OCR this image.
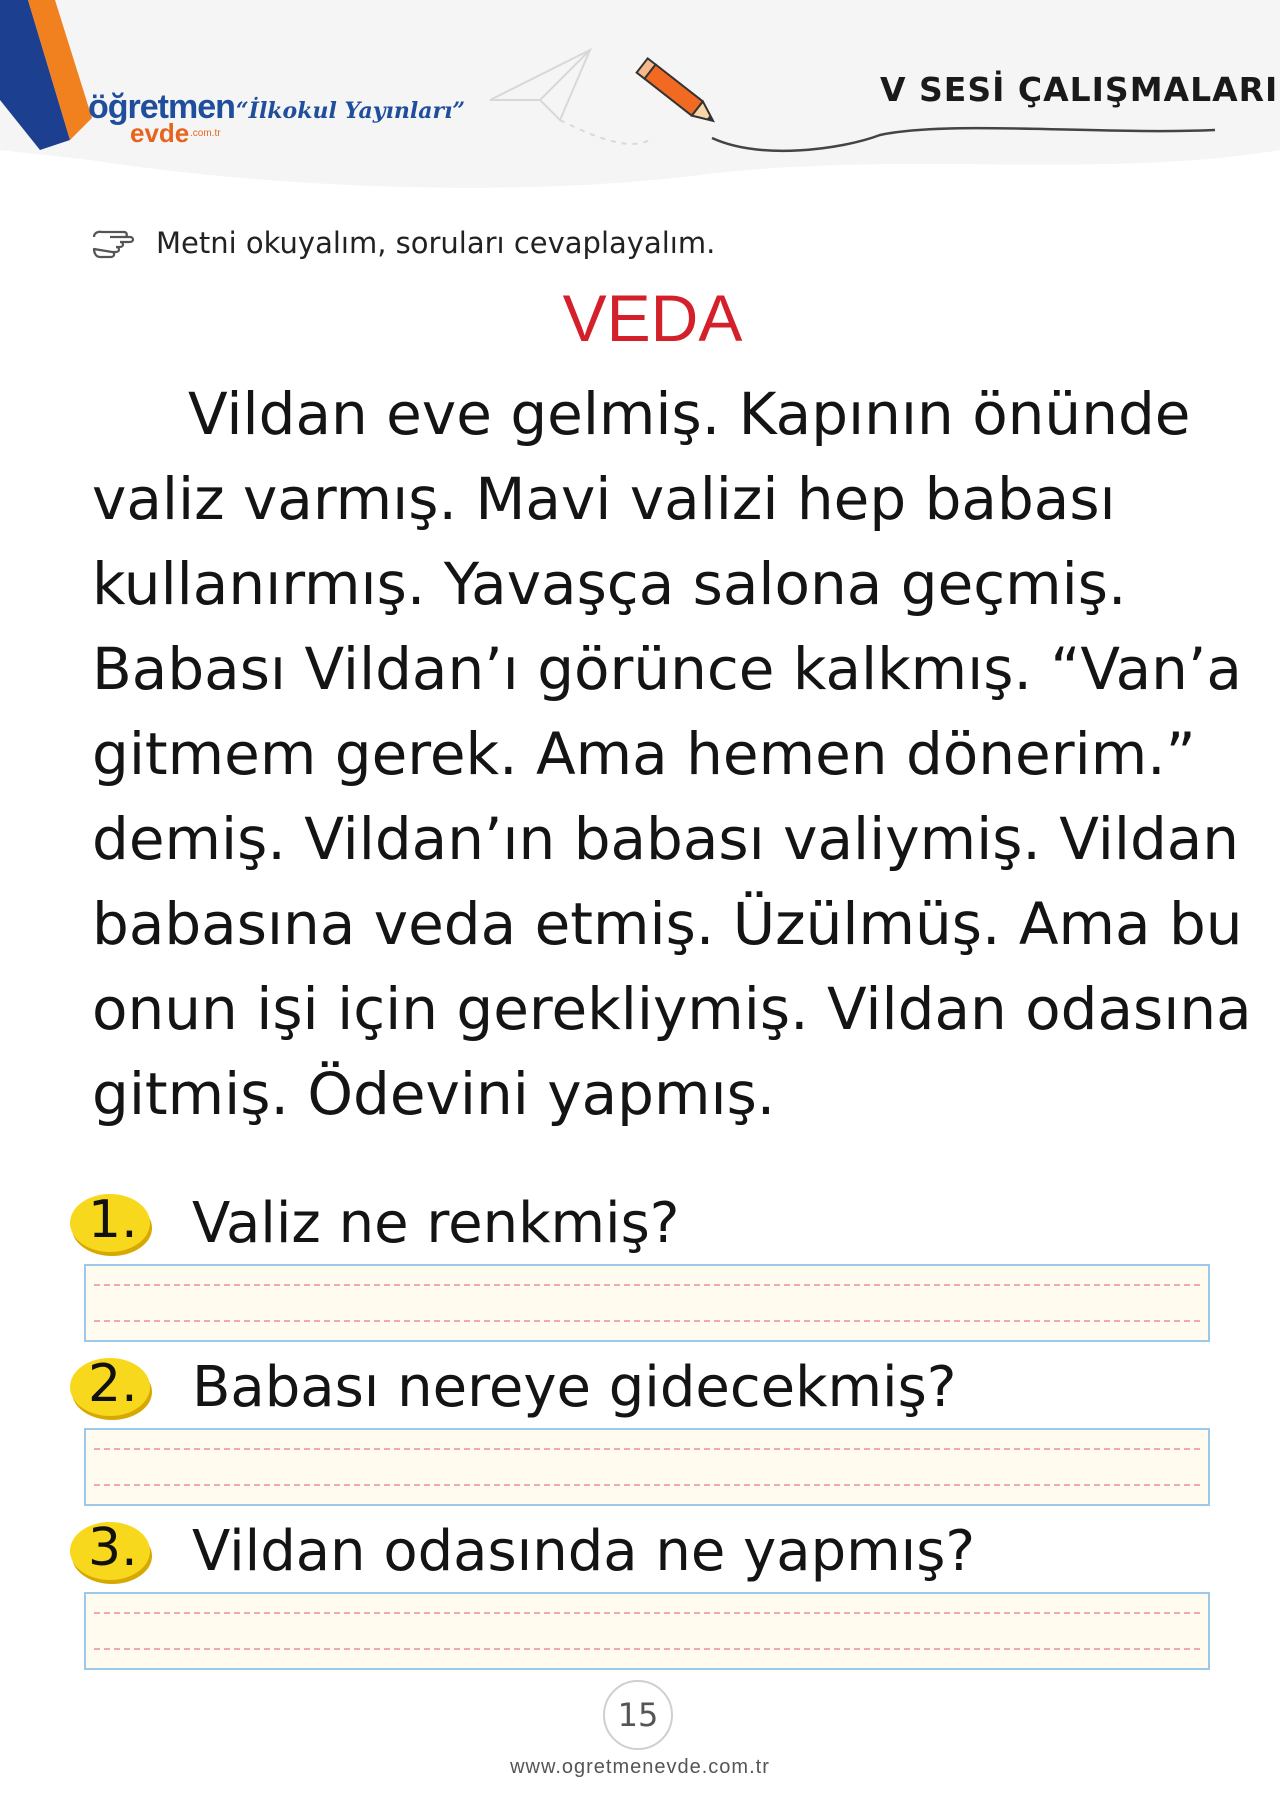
öğretmen
evde .com.tr
“İlkokul Yayınları”
V SESİ ÇALIŞMALARI
Metni okuyalım, soruları cevaplayalım.
VEDA
Vildan eve gelmiş. Kapının önünde
valiz varmış. Mavi valizi hep babası
kullanırmış. Yavaşça salona geçmiş.
Babası Vildan’ı görünce kalkmış. “Van’a
gitmem gerek. Ama hemen dönerim.”
demiş. Vildan’ın babası valiymiş. Vildan
babasına veda etmiş. Üzülmüş. Ama bu
onun işi için gerekliymiş. Vildan odasına
gitmiş. Ödevini yapmış.
1. Valiz ne renkmiş?
2. Babası nereye gidecekmiş?
3. Vildan odasında ne yapmış?
15
www.ogretmenevde.com.tr
